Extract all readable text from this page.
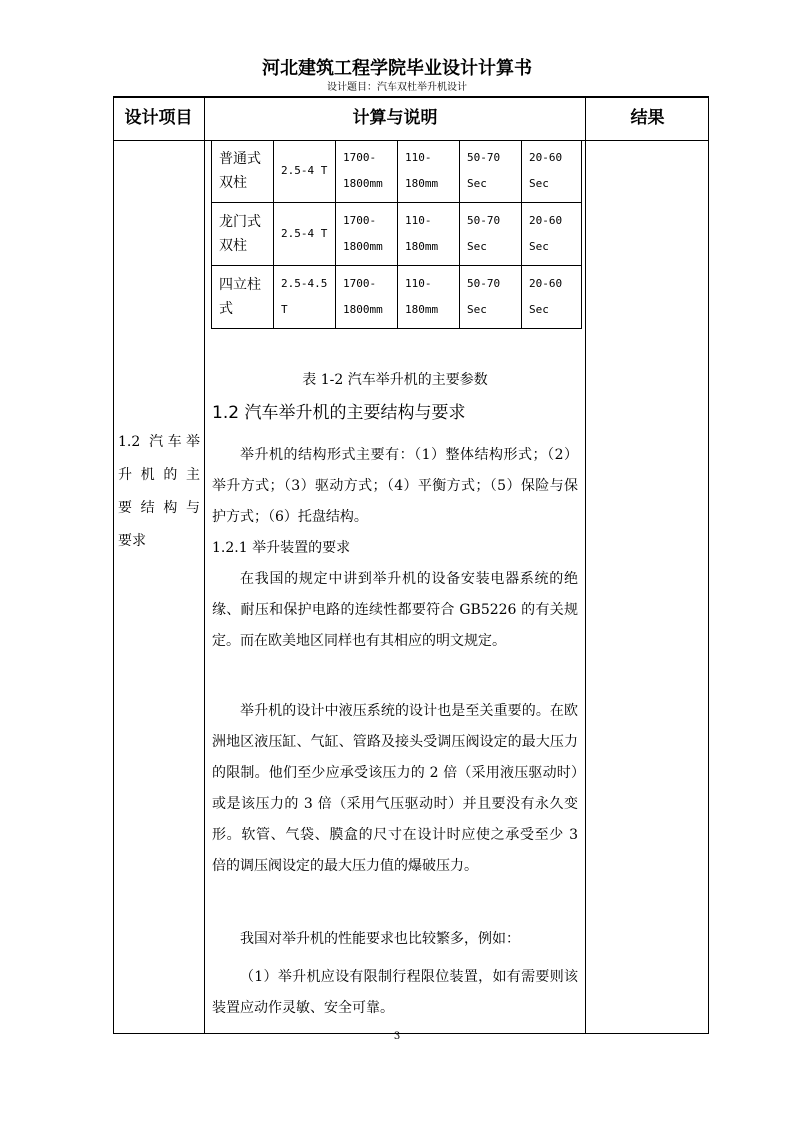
河北建筑工程学院毕业设计计算书
设计题目：汽车双杜举升机设计
设计项目	计算与说明	结果
1.2 汽车举
升机的主
要结构与
要求
普通式双柱	2.5-4 T	1700-1800mm	110-180mm	50-70 Sec	20-60 Sec
龙门式双柱	2.5-4 T	1700-1800mm	110-180mm	50-70 Sec	20-60 Sec
四立柱式	2.5-4.5 T	1700-1800mm	110-180mm	50-70 Sec	20-60 Sec
表 1-2 汽车举升机的主要参数
1.2 汽车举升机的主要结构与要求
举升机的结构形式主要有：（1）整体结构形式；（2）举升方式；（3）驱动方式；（4）平衡方式；（5）保险与保护方式；（6）托盘结构。
1.2.1 举升装置的要求
在我国的规定中讲到举升机的设备安装电器系统的绝缘、耐压和保护电路的连续性都要符合 GB5226 的有关规定。而在欧美地区同样也有其相应的明文规定。
举升机的设计中液压系统的设计也是至关重要的。在欧洲地区液压缸、气缸、管路及接头受调压阀设定的最大压力的限制。他们至少应承受该压力的 2 倍（采用液压驱动时）或是该压力的 3 倍（采用气压驱动时）并且要没有永久变形。软管、气袋、膜盒的尺寸在设计时应使之承受至少 3 倍的调压阀设定的最大压力值的爆破压力。
我国对举升机的性能要求也比较繁多，例如：
（1）举升机应设有限制行程限位装置，如有需要则该装置应动作灵敏、安全可靠。
3
